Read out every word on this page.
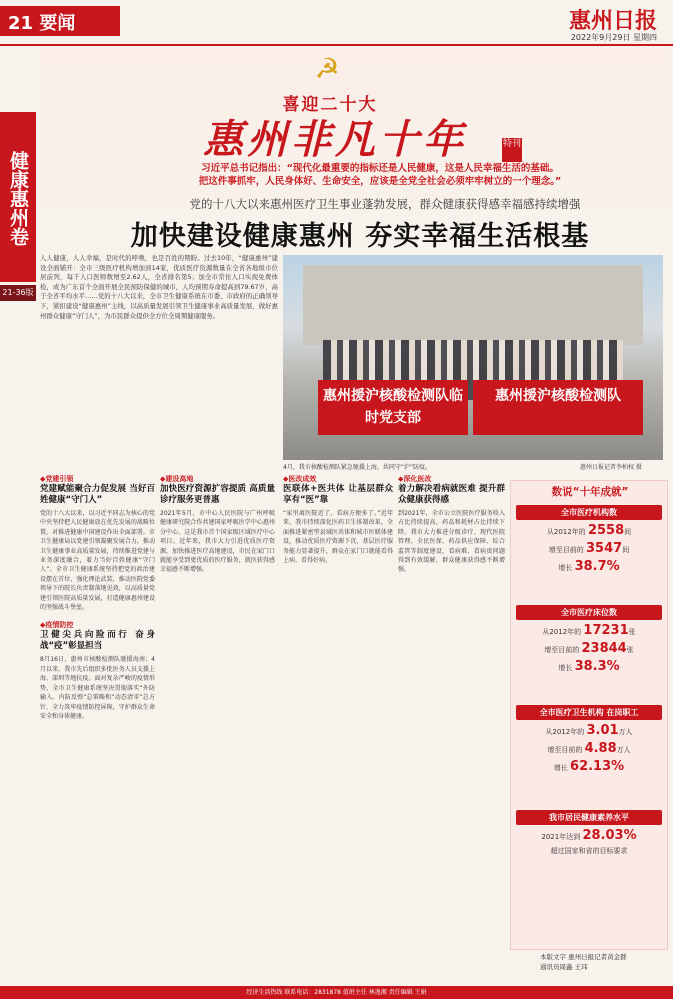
21 要闻	惠州日报
2022年9月29日 星期四
健康惠州卷
21-36版
☭
喜迎二十大
惠州非凡十年	特刊
习近平总书记指出：“现代化最重要的指标还是人民健康，这是人民幸福生活的基础。
把这件事抓牢，人民身体好、生命安全，应该是全党全社会必须牢牢树立的一个理念。”
党的十八大以来惠州医疗卫生事业蓬勃发展，群众健康获得感幸福感持续增强
加快建设健康惠州 夯实幸福生活根基
人人健康，人人幸福，是时代的呼唤，也是百姓的期盼。过去10年，“健康惠州”建设全面铺开：全市三级医疗机构增加到14家，优质医疗资源数量在全省各地级市位居前列，每千人口医师数增至2.62人，全省排名第5；加全市常住人口实现免费体检，成为广东首个全面开展全民预防保健的城市，人均预期寿命提高到79.67岁，高于全省平均水平……党的十八大以来，全市卫生健康系统在市委、市政府的正确领导下，紧扣建设“健康惠州”主线，以高质量发展引领卫生健康事业高质量发展，做好惠州群众健康“守门人”，为市民群众提供全方位全周期健康服务。
惠州援沪核酸检测队临时党支部
惠州援沪核酸检测队
4月，我市核酸检测队紧急驰援上海，共同守“沪”防疫。	惠州日报记者李柏权 摄
◆党建引领
党建赋能聚合力促发展 当好百姓健康“守门人”
党的十八大以来，以习近平同志为核心的党中央坚持把人民健康放在优先发展的战略位置，对推进健康中国建设作出全面部署。市卫生健康局以党建引领凝聚发展合力，推动卫生健康事业高质量发展，持续推进党建与业务深度融合，着力当好百姓健康“守门人”。全市卫生健康系统坚持把党的政治建设摆在首位，强化理论武装，推动医院党委领导下的院长负责制落地见效，以高质量党建引领医院高质量发展，打造健康惠州建设的坚强战斗堡垒。
◆疫情防控
卫健尖兵向险而行 奋身战“疫”彰显担当
8月16日，惠州市核酸检测队驰援海南；4月以来，我市先后组织多批医务人员支援上海、深圳等地抗疫。面对复杂严峻的疫情形势，全市卫生健康系统坚决贯彻落实“外防输入、内防反弹”总策略和“动态清零”总方针，全力筑牢疫情防控屏障，守护群众生命安全和身体健康。
◆建设高地
加快医疗资源扩容提质 高质量诊疗服务更普惠
2021年5月，市中心人民医院与广州呼吸健康研究院合作共建国家呼吸医学中心惠州分中心，这是我市首个国家级区域医疗中心项目。近年来，我市大力引进优质医疗资源，加快推进医疗高地建设，市民在家门口就能享受到更优质的医疗服务，就医获得感幸福感不断增强。
◆医改成效
医联体+医共体 让基层群众享有“医”靠
“家里离医院近了，看病方便多了。”近年来，我市持续深化医药卫生体制改革，全面推进紧密型县域医共体和城市医联体建设，推动优质医疗资源下沉，基层医疗服务能力显著提升，群众在家门口就能看得上病、看得好病。
◆深化医改
着力解决看病就医难 提升群众健康获得感
到2021年，全市公立医院医疗服务收入占比持续提高，药品和耗材占比持续下降。我市大力推进分级诊疗、现代医院管理、全民医保、药品供应保障、综合监管等制度建设，看病难、看病贵问题得到有效缓解，群众健康获得感不断增强。
数说“十年成就”
全市医疗机构数
从2012年的 2558间
增至目前的 3547间
增长 38.7%
全市医疗床位数
从2012年的 17231张
增至目前的 23844张
增长 38.3%
全市医疗卫生机构 在岗职工
从2012年的 3.01万人
增至目前的 4.88万人
增长 62.13%
我市居民健康素养水平
2021年达到 28.03%
超过国家和省的目标要求
本版文字 惠州日报记者黄金群
通讯员周鑫 王玮
经济生活热线 联系电话：2831878 值班主任 林逸湘 责任编辑 王娟
